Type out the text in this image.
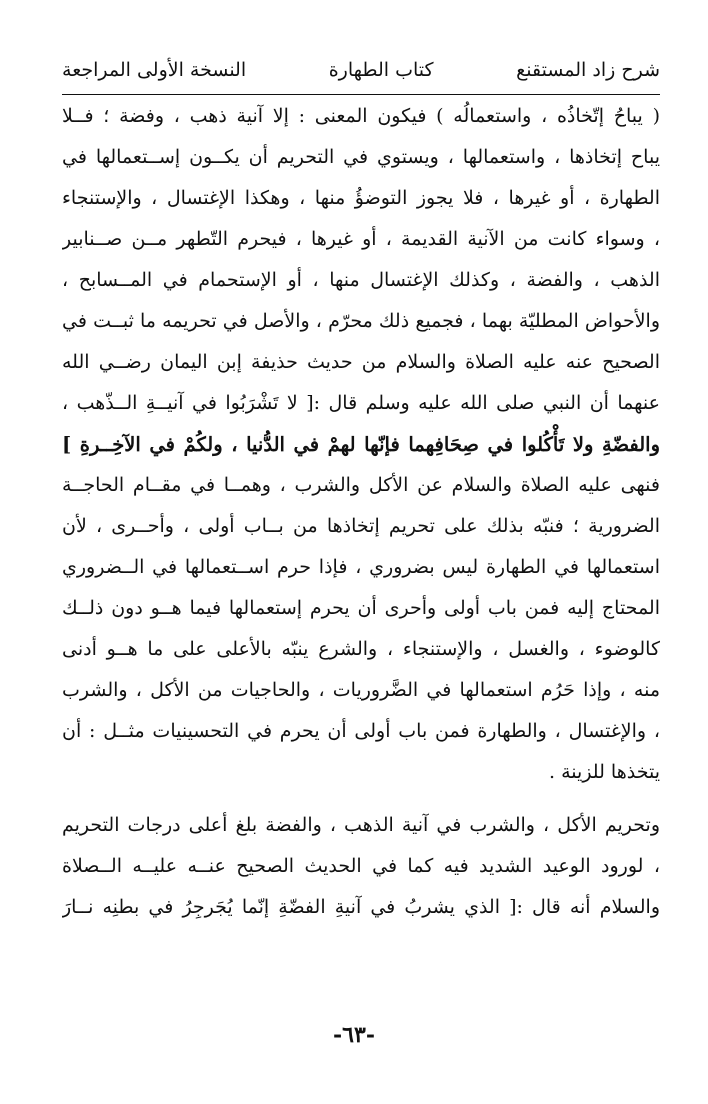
شرح زاد المستقنع
كتاب الطهارة
النسخة الأولى المراجعة
( يباحُ إتّخاذُه ، واستعمالُه ) فيكون المعنى : إلا آنية ذهب ، وفضة ؛ فــلا
يباح إتخاذها ، واستعمالها ، ويستوي في التحريم أن يكــون إســتعمالها في
الطهارة ، أو غيرها ، فلا يجوز التوضؤُ منها ، وهكذا الإغتسال ، والإستنجاء
، وسواء كانت من الآنية القديمة ، أو غيرها ، فيحرم التّطهر مــن صــنابير
الذهب ، والفضة ، وكذلك الإغتسال منها ، أو الإستحمام في المــسابح ،
والأحواض المطليّة بهما ، فجميع ذلك محرّم ، والأصل في تحريمه ما ثبــت في
الصحيح عنه عليه الصلاة والسلام من حديث حذيفة إبن اليمان رضــي الله
عنهما أن النبي صلى الله عليه وسلم قال :[ لا تَشْرَبُوا في آنيــةِ الــذّهب ،
والفضّةِ ولا تَأْكُلوا في صِحَافِهما فإنّها لهمْ في الدُّنيا ، ولكُمْ في الآخِــرةِ ]
فنهى عليه الصلاة والسلام عن الأكل والشرب ، وهمــا في مقــام الحاجــة
الضرورية ؛ فنبّه بذلك على تحريم إتخاذها من بــاب أولى ، وأحــرى ، لأن
استعمالها في الطهارة ليس بضروري ، فإذا حرم اســتعمالها في الــضروري
المحتاج إليه فمن باب أولى وأحرى أن يحرم إستعمالها فيما هــو دون ذلــك
كالوضوء ، والغسل ، والإستنجاء ، والشرع ينبّه بالأعلى على ما هــو أدنى
منه ، وإذا حَرُم استعمالها في الضَّروريات ، والحاجيات من الأكل ، والشرب
، والإغتسال ، والطهارة فمن باب أولى أن يحرم في التحسينيات مثــل : أن
يتخذها للزينة .
وتحريم الأكل ، والشرب في آنية الذهب ، والفضة بلغ أعلى درجات التحريم
، لورود الوعيد الشديد فيه كما في الحديث الصحيح عنــه عليــه الــصلاة
والسلام أنه قال :[ الذي يشربُ في آنيةِ الفضّةِ إنّما يُجَرجِرُ في بطنِه نــارَ
-٦٣-
